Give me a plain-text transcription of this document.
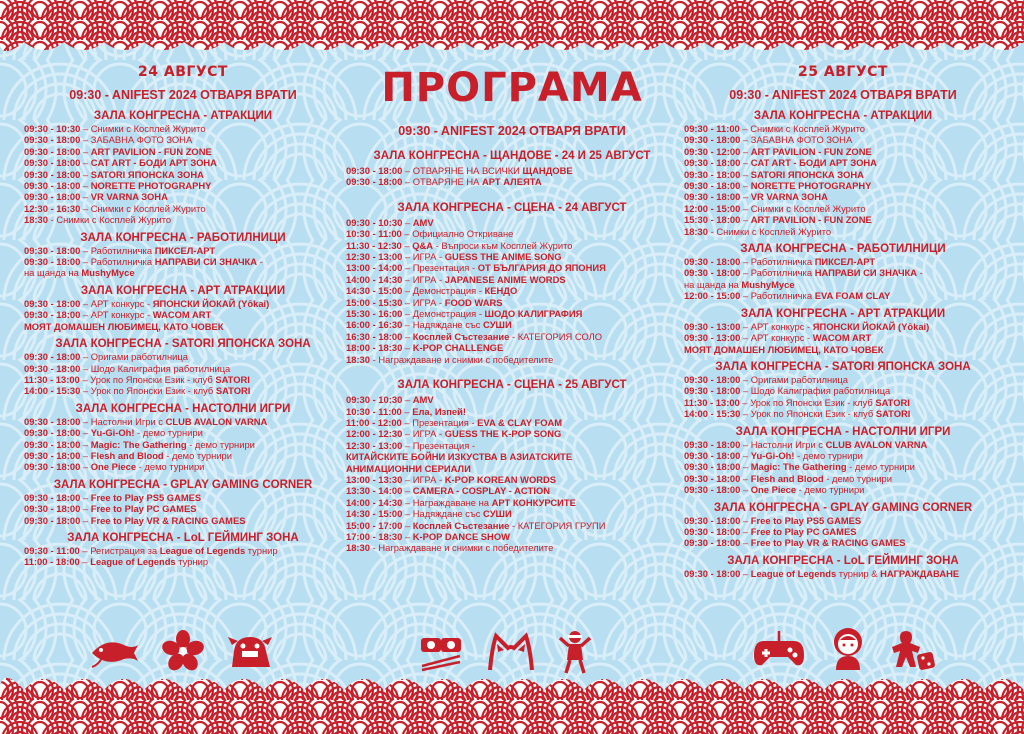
ПРОГРАМА
24 АВГУСТ
09:30 - ANIFEST 2024 ОТВАРЯ ВРАТИ
ЗАЛА КОНГРЕСНА - АТРАКЦИИ
09:30 - 10:30 – Снимки с Косплей Журито
09:30 - 18:00 – ЗАБАВНА ФОТО ЗОНА
09:30 - 18:00 – ART PAVILION - FUN ZONE
09:30 - 18:00 – CAT ART - БОДИ АРТ ЗОНА
09:30 - 18:00 – SATORI ЯПОНСКА ЗОНА
09:30 - 18:00 – NORETTE PHOTOGRAPHY
09:30 - 18:00 – VR VARNA ЗОНА
12:30 - 16:30 – Снимки с Косплей Журито
18:30 - Снимки с Косплей Журито
ЗАЛА КОНГРЕСНА - РАБОТИЛНИЦИ
09:30 - 18:00 – Работилничка ПИКСЕЛ-АРТ
09:30 - 18:00 – Работилничка НАПРАВИ СИ ЗНАЧКА -
на щанда на MushyMyce
ЗАЛА КОНГРЕСНА - АРТ АТРАКЦИИ
09:30 - 18:00 – АРТ конкурс - ЯПОНСКИ ЙОКАЙ (Yōkai)
09:30 - 18:00 – АРТ конкурс - WACOM ART
МОЯТ ДОМАШЕН ЛЮБИМЕЦ, КАТО ЧОВЕК
ЗАЛА КОНГРЕСНА - SATORI ЯПОНСКА ЗОНА
09:30 - 18:00 – Оригами работилница
09:30 - 18:00 – Шодо Калиграфия работилница
11:30 - 13:00 – Урок по Японски Език - клуб SATORI
14:00 - 15:30 – Урок по Японски Език - клуб SATORI
ЗАЛА КОНГРЕСНА - НАСТОЛНИ ИГРИ
09:30 - 18:00 – Настолни Игри с CLUB AVALON VARNA
09:30 - 18:00 – Yu-Gi-Oh! - демо турнири
09:30 - 18:00 – Magic: The Gathering - демо турнири
09:30 - 18:00 – Flesh and Blood - демо турнири
09:30 - 18:00 – One Piece - демо турнири
ЗАЛА КОНГРЕСНА - GPLAY GAMING CORNER
09:30 - 18:00 – Free to Play PS5 GAMES
09:30 - 18:00 – Free to Play PC GAMES
09:30 - 18:00 – Free to Play VR & RACING GAMES
ЗАЛА КОНГРЕСНА - LoL ГЕЙМИНГ ЗОНА
09:30 - 11:00 – Регистрация за League of Legends турнир
11:00 - 18:00 – League of Legends турнир
09:30 - ANIFEST 2024 ОТВАРЯ ВРАТИ
ЗАЛА КОНГРЕСНА - ЩАНДОВЕ - 24 И 25 АВГУСТ
09:30 - 18:00 – ОТВАРЯНЕ НА ВСИЧКИ ЩАНДОВЕ
09:30 - 18:00 – ОТВАРЯНЕ НА АРТ АЛЕЯТА
ЗАЛА КОНГРЕСНА - СЦЕНА - 24 АВГУСТ
09:30 - 10:30 – AMV
10:30 - 11:00 – Официално Откриване
11:30 - 12:30 – Q&A - Въпроси към Косплей Журито
12:30 - 13:00 – ИГРА - GUESS THE ANIME SONG
13:00 - 14:00 – Презентация - ОТ БЪЛГАРИЯ ДО ЯПОНИЯ
14:00 - 14:30 – ИГРА - JAPANESE ANIME WORDS
14:30 - 15:00 – Демонстрация - КЕНДО
15:00 - 15:30 – ИГРА - FOOD WARS
15:30 - 16:00 – Демонстрация - ШОДО КАЛИГРАФИЯ
16:00 - 16:30 – Надяждане със СУШИ
16:30 - 18:00 – Косплей Състезание - КАТЕГОРИЯ СОЛО
18:00 - 18:30 – K-POP CHALLENGE
18:30 - Награждаване и снимки с победителите
ЗАЛА КОНГРЕСНА - СЦЕНА - 25 АВГУСТ
09:30 - 10:30 – AMV
10:30 - 11:00 – Ела, Изпей!
11:00 - 12:00 – Презентация - EVA & CLAY FOAM
12:00 - 12:30 – ИГРА - GUESS THE K-POP SONG
12:30 - 13:00 – Презентация -
КИТАЙСКИТЕ БОЙНИ ИЗКУСТВА В АЗИАТСКИТЕ
АНИМАЦИОННИ СЕРИАЛИ
13:00 - 13:30 – ИГРА - K-POP KOREAN WORDS
13:30 - 14:00 – CAMERA - COSPLAY - ACTION
14:00 - 14:30 – Награждаване на АРТ КОНКУРСИТЕ
14:30 - 15:00 – Надяждане със СУШИ
15:00 - 17:00 – Косплей Състезание - КАТЕГОРИЯ ГРУПИ
17:00 - 18:30 – K-POP DANCE SHOW
18:30 - Награждаване и снимки с победителите
25 АВГУСТ
09:30 - ANIFEST 2024 ОТВАРЯ ВРАТИ
ЗАЛА КОНГРЕСНА - АТРАКЦИИ
09:30 - 11:00 – Снимки с Косплей Журито
09:30 - 18:00 – ЗАБАВНА ФОТО ЗОНА
09:30 - 12:00 – ART PAVILION - FUN ZONE
09:30 - 18:00 – CAT ART - БОДИ АРТ ЗОНА
09:30 - 18:00 – SATORI ЯПОНСКА ЗОНА
09:30 - 18:00 – NORETTE PHOTOGRAPHY
09:30 - 18:00 – VR VARNA ЗОНА
12:00 - 15:00 – Снимки с Косплей Журито
15:30 - 18:00 – ART PAVILION - FUN ZONE
18:30 - Снимки с Косплей Журито
ЗАЛА КОНГРЕСНА - РАБОТИЛНИЦИ
09:30 - 18:00 – Работилничка ПИКСЕЛ-АРТ
09:30 - 18:00 – Работилничка НАПРАВИ СИ ЗНАЧКА -
на щанда на MushyMyce
12:00 - 15:00 – Работилничка EVA FOAM CLAY
ЗАЛА КОНГРЕСНА - АРТ АТРАКЦИИ
09:30 - 13:00 – АРТ конкурс - ЯПОНСКИ ЙОКАЙ (Yōkai)
09:30 - 13:00 – АРТ конкурс - WACOM ART
МОЯТ ДОМАШЕН ЛЮБИМЕЦ, КАТО ЧОВЕК
ЗАЛА КОНГРЕСНА - SATORI ЯПОНСКА ЗОНА
09:30 - 18:00 – Оригами работилница
09:30 - 18:00 – Шодо Калиграфия работилница
11:30 - 13:00 – Урок по Японски Език - клуб SATORI
14:00 - 15:30 – Урок по Японски Език - клуб SATORI
ЗАЛА КОНГРЕСНА - НАСТОЛНИ ИГРИ
09:30 - 18:00 – Настолни Игри с CLUB AVALON VARNA
09:30 - 18:00 – Yu-Gi-Oh! - демо турнири
09:30 - 18:00 – Magic: The Gathering - демо турнири
09:30 - 18:00 – Flesh and Blood - демо турнири
09:30 - 18:00 – One Piece - демо турнири
ЗАЛА КОНГРЕСНА - GPLAY GAMING CORNER
09:30 - 18:00 – Free to Play PS5 GAMES
09:30 - 18:00 – Free to Play PC GAMES
09:30 - 18:00 – Free to Play VR & RACING GAMES
ЗАЛА КОНГРЕСНА - LoL ГЕЙМИНГ ЗОНА
09:30 - 18:00 – League of Legends турнир & НАГРАЖДАВАНЕ
